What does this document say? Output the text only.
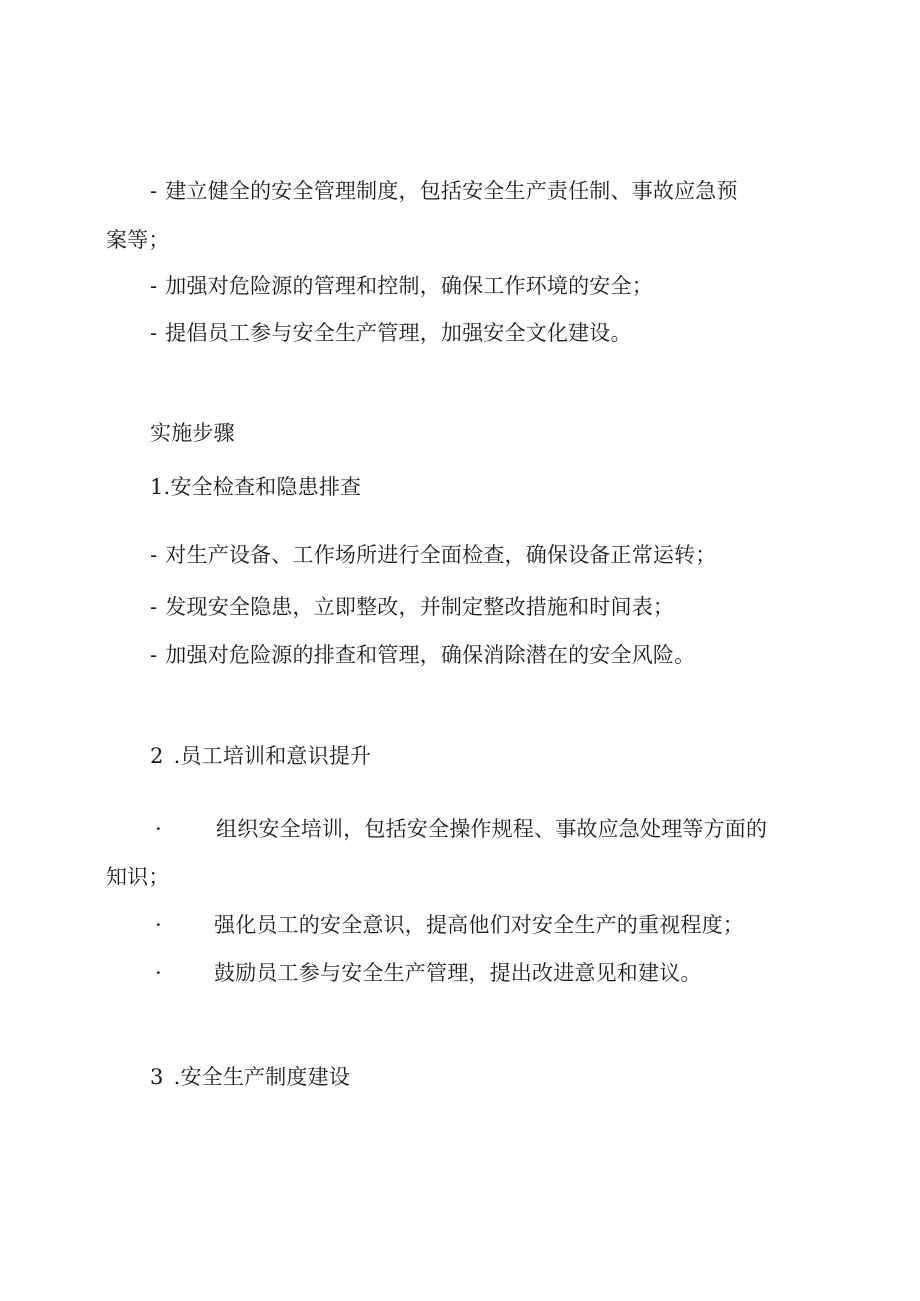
- 建立健全的安全管理制度，包括安全生产责任制、事故应急预
案等；
- 加强对危险源的管理和控制，确保工作环境的安全；
- 提倡员工参与安全生产管理，加强安全文化建设。
实施步骤
1.安全检查和隐患排查
- 对生产设备、工作场所进行全面检查，确保设备正常运转；
- 发现安全隐患，立即整改，并制定整改措施和时间表；
- 加强对危险源的排查和管理，确保消除潜在的安全风险。
2 .员工培训和意识提升
·	组织安全培训，包括安全操作规程、事故应急处理等方面的
知识；
· 强化员工的安全意识，提高他们对安全生产的重视程度；
· 鼓励员工参与安全生产管理，提出改进意见和建议。
3 .安全生产制度建设
